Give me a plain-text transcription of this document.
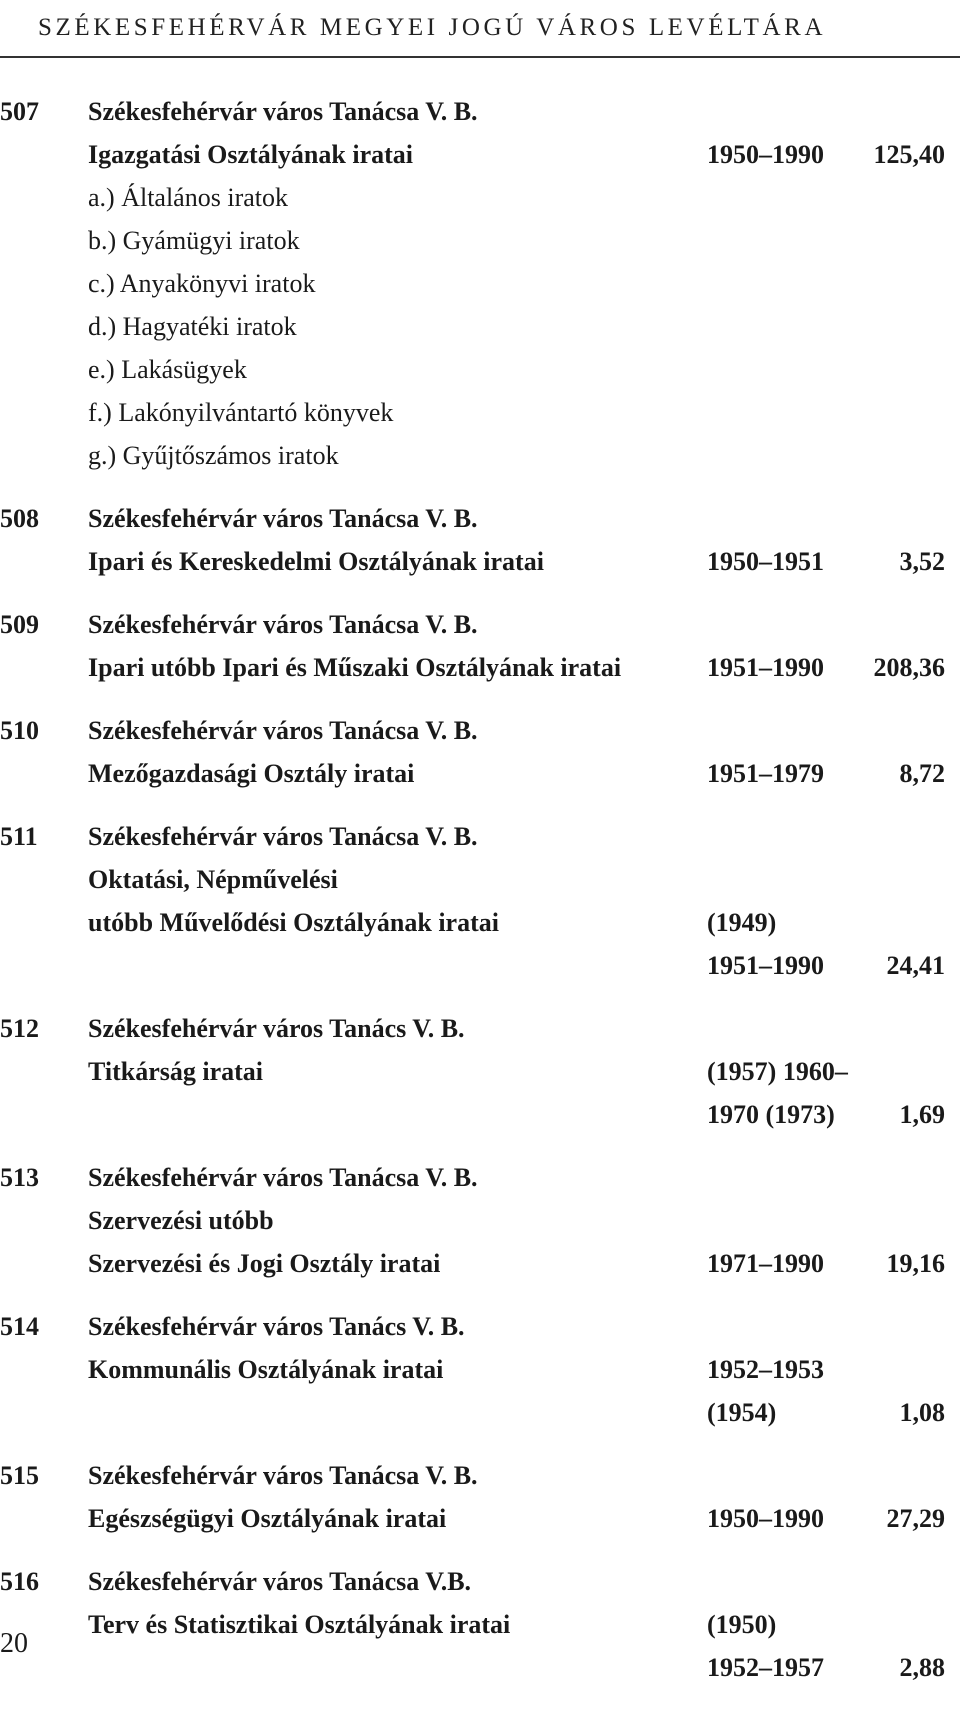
SZÉKESFEHÉRVÁR MEGYEI JOGÚ VÁROS LEVÉLTÁRA
507 Székesfehérvár város Tanácsa V. B.
Igazgatási Osztályának iratai	1950–1990 125,40
a.) Általános iratok
b.) Gyámügyi iratok
c.) Anyakönyvi iratok
d.) Hagyatéki iratok
e.) Lakásügyek
f.) Lakónyilvántartó könyvek
g.) Gyűjtőszámos iratok
508 Székesfehérvár város Tanácsa V. B.
Ipari és Kereskedelmi Osztályának iratai	1950–1951	3,52
509 Székesfehérvár város Tanácsa V. B.
Ipari utóbb Ipari és Műszaki Osztályának iratai	1951–1990 208,36
510 Székesfehérvár város Tanácsa V. B.
Mezőgazdasági Osztály iratai	1951–1979	8,72
511 Székesfehérvár város Tanácsa V. B.
Oktatási, Népművelési
utóbb Művelődési Osztályának iratai	(1949)
1951–1990 24,41
512 Székesfehérvár város Tanács V. B.
Titkárság iratai	(1957) 1960–
1970 (1973) 1,69
513 Székesfehérvár város Tanácsa V. B.
Szervezési utóbb
Szervezési és Jogi Osztály iratai	1971–1990 19,16
514 Székesfehérvár város Tanács V. B.
Kommunális Osztályának iratai	1952–1953
(1954)	1,08
515 Székesfehérvár város Tanácsa V. B.
Egészségügyi Osztályának iratai	1950–1990 27,29
516 Székesfehérvár város Tanácsa V.B.
Terv és Statisztikai Osztályának iratai	(1950)
1952–1957	2,88
20
